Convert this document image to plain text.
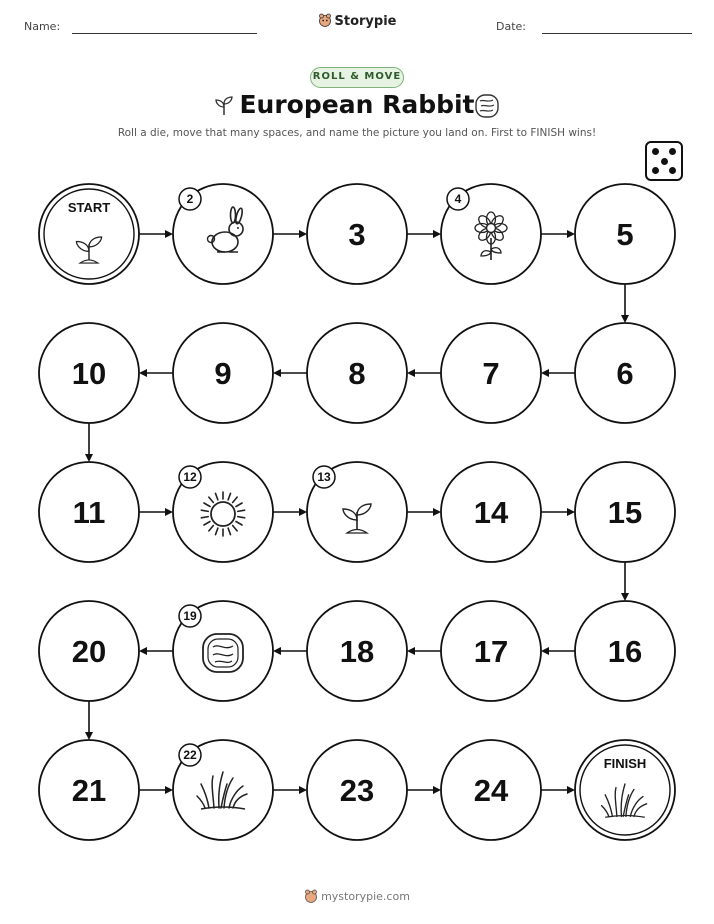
Name:	Storypie	Date:
ROLL & MOVE
European Rabbit
Roll a die, move that many spaces, and name the picture you land on. First to FINISH wins!
START
2
3
4
5
6
7
8
9
10
11
12	13
14	15
16
17
18
19
20
21
22
23	24
FINISH
mystorypie.com
